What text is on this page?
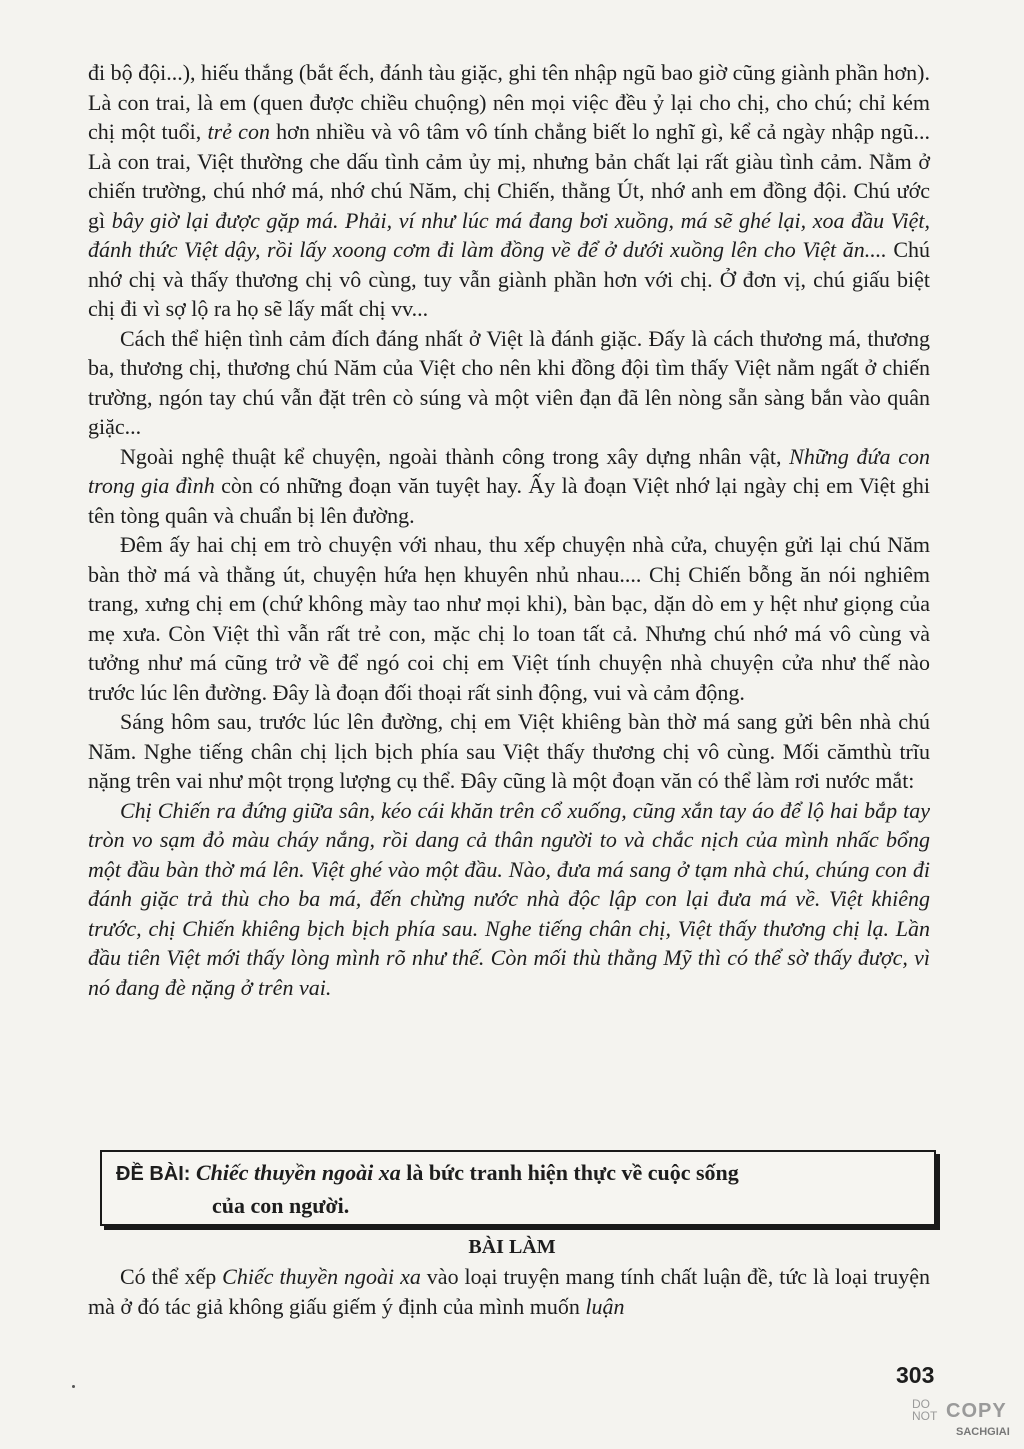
đi bộ đội...), hiếu thắng (bắt ếch, đánh tàu giặc, ghi tên nhập ngũ bao giờ cũng giành phần hơn). Là con trai, là em (quen được chiều chuộng) nên mọi việc đều ỷ lại cho chị, cho chú; chỉ kém chị một tuổi, trẻ con hơn nhiều và vô tâm vô tính chẳng biết lo nghĩ gì, kể cả ngày nhập ngũ... Là con trai, Việt thường che dấu tình cảm ủy mị, nhưng bản chất lại rất giàu tình cảm. Nằm ở chiến trường, chú nhớ má, nhớ chú Năm, chị Chiến, thằng Út, nhớ anh em đồng đội. Chú ước gì bây giờ lại được gặp má. Phải, ví như lúc má đang bơi xuồng, má sẽ ghé lại, xoa đầu Việt, đánh thức Việt dậy, rồi lấy xoong cơm đi làm đồng về để ở dưới xuồng lên cho Việt ăn.... Chú nhớ chị và thấy thương chị vô cùng, tuy vẫn giành phần hơn với chị. Ở đơn vị, chú giấu biệt chị đi vì sợ lộ ra họ sẽ lấy mất chị vv...

Cách thể hiện tình cảm đích đáng nhất ở Việt là đánh giặc. Đấy là cách thương má, thương ba, thương chị, thương chú Năm của Việt cho nên khi đồng đội tìm thấy Việt nằm ngất ở chiến trường, ngón tay chú vẫn đặt trên cò súng và một viên đạn đã lên nòng sẵn sàng bắn vào quân giặc...

Ngoài nghệ thuật kể chuyện, ngoài thành công trong xây dựng nhân vật, Những đứa con trong gia đình còn có những đoạn văn tuyệt hay. Ấy là đoạn Việt nhớ lại ngày chị em Việt ghi tên tòng quân và chuẩn bị lên đường.

Đêm ấy hai chị em trò chuyện với nhau, thu xếp chuyện nhà cửa, chuyện gửi lại chú Năm bàn thờ má và thằng út, chuyện hứa hẹn khuyên nhủ nhau.... Chị Chiến bỗng ăn nói nghiêm trang, xưng chị em (chứ không mày tao như mọi khi), bàn bạc, dặn dò em y hệt như giọng của mẹ xưa. Còn Việt thì vẫn rất trẻ con, mặc chị lo toan tất cả. Nhưng chú nhớ má vô cùng và tưởng như má cũng trở về để ngó coi chị em Việt tính chuyện nhà chuyện cửa như thế nào trước lúc lên đường. Đây là đoạn đối thoại rất sinh động, vui và cảm động.

Sáng hôm sau, trước lúc lên đường, chị em Việt khiêng bàn thờ má sang gửi bên nhà chú Năm. Nghe tiếng chân chị lịch bịch phía sau Việt thấy thương chị vô cùng. Mối cămthù trĩu nặng trên vai như một trọng lượng cụ thể. Đây cũng là một đoạn văn có thể làm rơi nước mắt:

Chị Chiến ra đứng giữa sân, kéo cái khăn trên cổ xuống, cũng xắn tay áo để lộ hai bắp tay tròn vo sạm đỏ màu cháy nắng, rồi dang cả thân người to và chắc nịch của mình nhấc bổng một đầu bàn thờ má lên. Việt ghé vào một đầu. Nào, đưa má sang ở tạm nhà chú, chúng con đi đánh giặc trả thù cho ba má, đến chừng nước nhà độc lập con lại đưa má về. Việt khiêng trước, chị Chiến khiêng bịch bịch phía sau. Nghe tiếng chân chị, Việt thấy thương chị lạ. Lần đầu tiên Việt mới thấy lòng mình rõ như thế. Còn mối thù thằng Mỹ thì có thể sờ thấy được, vì nó đang đè nặng ở trên vai.

ĐỀ BÀI: Chiếc thuyền ngoài xa là bức tranh hiện thực về cuộc sống
của con người.
BÀI LÀM

Có thể xếp Chiếc thuyền ngoài xa vào loại truyện mang tính chất luận đề, tức là loại truyện mà ở đó tác giả không giấu giếm ý định của mình muốn luận

303
DO
NOT COPY
SACHGIAI
